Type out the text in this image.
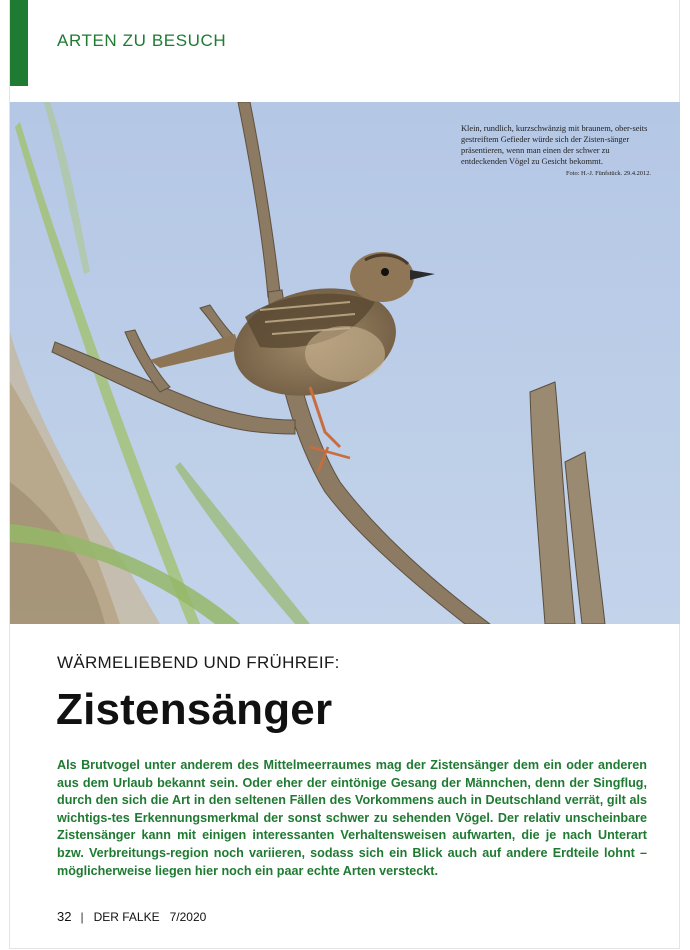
ARTEN ZU BESUCH
Klein, rundlich, kurzschwänzig mit braunem, ober-seits gestreiftem Gefieder würde sich der Zisten-sänger präsentieren, wenn man einen der schwer zu entdeckenden Vögel zu Gesicht bekommt.
Foto: H.-J. Fünfstück. 29.4.2012.
WÄRMELIEBEND UND FRÜHREIF:
Zistensänger

Als Brutvogel unter anderem des Mittelmeerraumes mag der Zistensänger dem ein oder anderen aus dem Urlaub bekannt sein. Oder eher der eintönige Gesang der Männchen, denn der Singflug, durch den sich die Art in den seltenen Fällen des Vorkommens auch in Deutschland verrät, gilt als wichtigs-tes Erkennungsmerkmal der sonst schwer zu sehenden Vögel. Der relativ unscheinbare Zistensänger kann mit einigen interessanten Verhaltensweisen aufwarten, die je nach Unterart bzw. Verbreitungs-region noch variieren, sodass sich ein Blick auch auf andere Erdteile lohnt – möglicherweise liegen hier noch ein paar echte Arten versteckt.

32 | DER FALKE 7/2020
